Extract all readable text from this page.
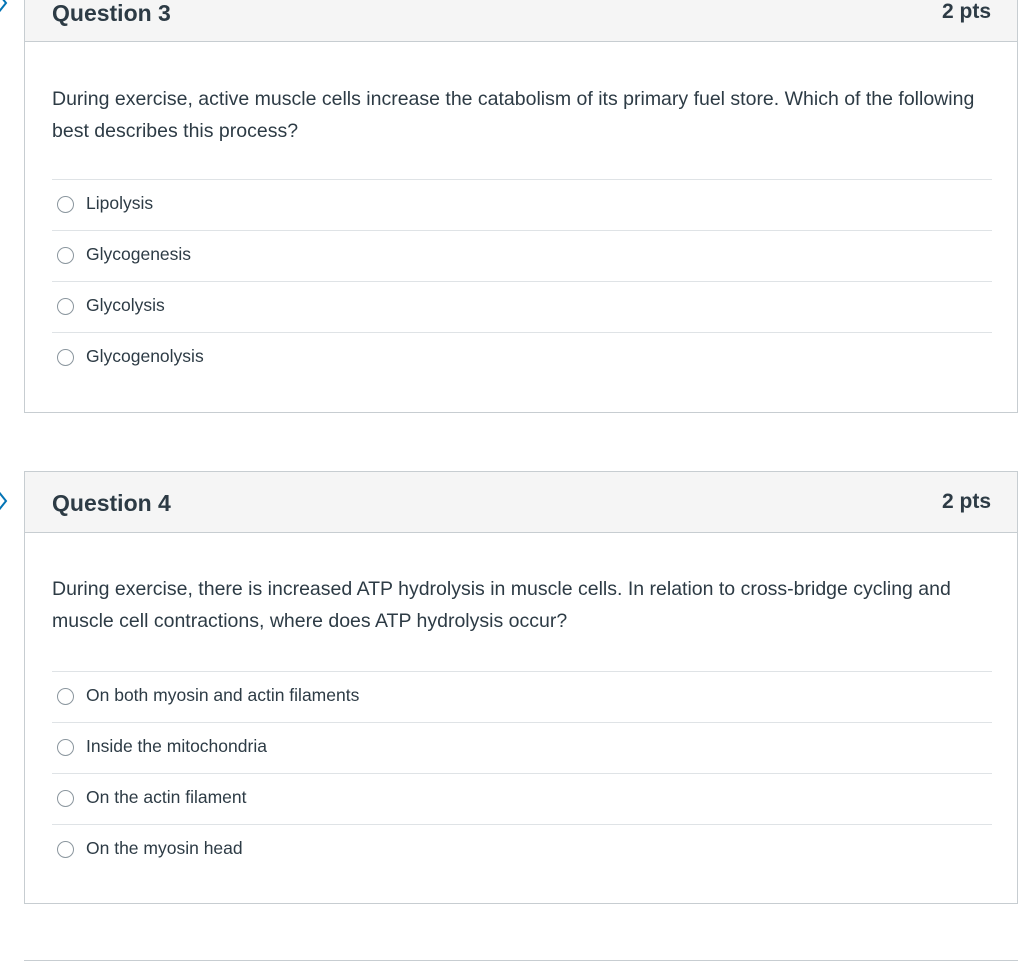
Question 3	2 pts
During exercise, active muscle cells increase the catabolism of its primary fuel store. Which of the following best describes this process?
Lipolysis
Glycogenesis
Glycolysis
Glycogenolysis
Question 4	2 pts
During exercise, there is increased ATP hydrolysis in muscle cells. In relation to cross-bridge cycling and muscle cell contractions, where does ATP hydrolysis occur?
On both myosin and actin filaments
Inside the mitochondria
On the actin filament
On the myosin head
